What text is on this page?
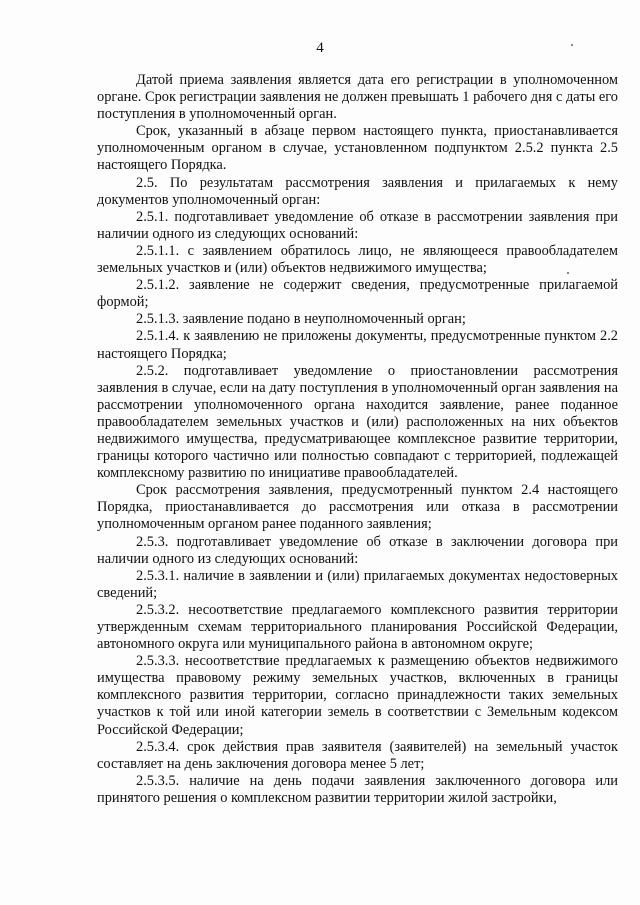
4

Датой приема заявления является дата его регистрации в уполномоченном органе. Срок регистрации заявления не должен превышать 1 рабочего дня с даты его поступления в уполномоченный орган.

Срок, указанный в абзаце первом настоящего пункта, приостанавливается уполномоченным органом в случае, установленном подпунктом 2.5.2 пункта 2.5 настоящего Порядка.

2.5. По результатам рассмотрения заявления и прилагаемых к нему документов уполномоченный орган:

2.5.1. подготавливает уведомление об отказе в рассмотрении заявления при наличии одного из следующих оснований:

2.5.1.1. с заявлением обратилось лицо, не являющееся правообладателем земельных участков и (или) объектов недвижимого имущества;

2.5.1.2. заявление не содержит сведения, предусмотренные прилагаемой формой;

2.5.1.3. заявление подано в неуполномоченный орган;

2.5.1.4. к заявлению не приложены документы, предусмотренные пунктом 2.2 настоящего Порядка;

2.5.2. подготавливает уведомление о приостановлении рассмотрения заявления в случае, если на дату поступления в уполномоченный орган заявления на рассмотрении уполномоченного органа находится заявление, ранее поданное правообладателем земельных участков и (или) расположенных на них объектов недвижимого имущества, предусматривающее комплексное развитие территории, границы которого частично или полностью совпадают с территорией, подлежащей комплексному развитию по инициативе правообладателей.

Срок рассмотрения заявления, предусмотренный пунктом 2.4 настоящего Порядка, приостанавливается до рассмотрения или отказа в рассмотрении уполномоченным органом ранее поданного заявления;

2.5.3. подготавливает уведомление об отказе в заключении договора при наличии одного из следующих оснований:

2.5.3.1. наличие в заявлении и (или) прилагаемых документах недостоверных сведений;

2.5.3.2. несоответствие предлагаемого комплексного развития территории утвержденным схемам территориального планирования Российской Федерации, автономного округа или муниципального района в автономном округе;

2.5.3.3. несоответствие предлагаемых к размещению объектов недвижимого имущества правовому режиму земельных участков, включенных в границы комплексного развития территории, согласно принадлежности таких земельных участков к той или иной категории земель в соответствии с Земельным кодексом Российской Федерации;

2.5.3.4. срок действия прав заявителя (заявителей) на земельный участок составляет на день заключения договора менее 5 лет;

2.5.3.5. наличие на день подачи заявления заключенного договора или принятого решения о комплексном развитии территории жилой застройки,
